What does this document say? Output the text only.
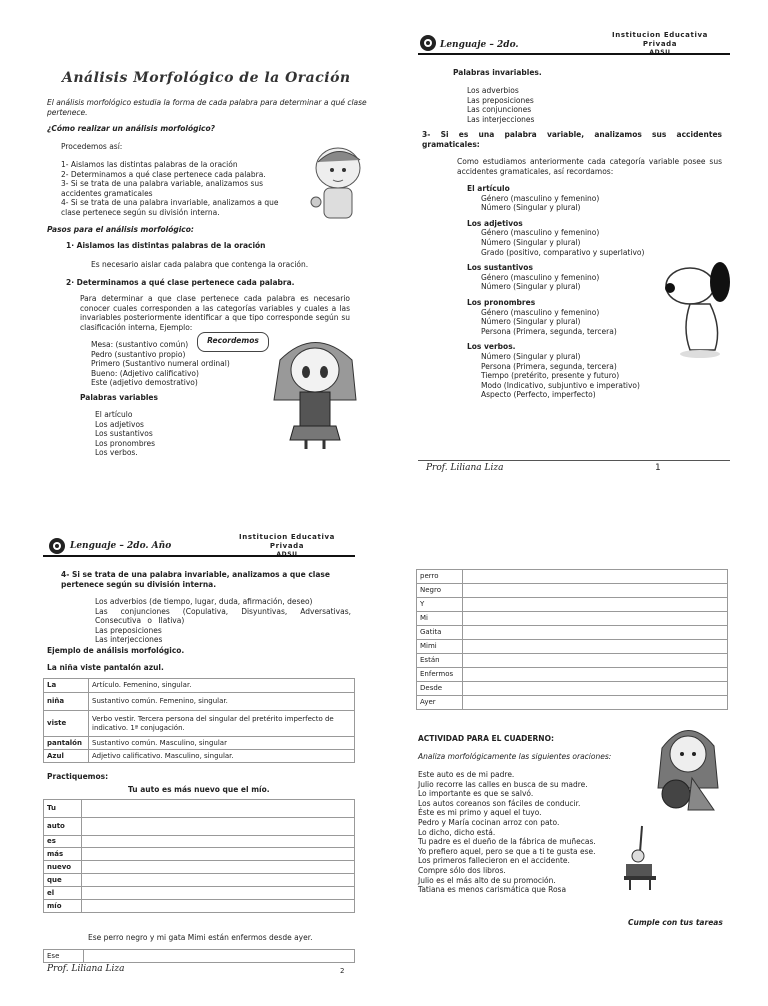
Análisis Morfológico de la Oración
El análisis morfológico estudia la forma de cada palabra para determinar a qué clase pertenece.
¿Cómo realizar un análisis morfológico?
Procedemos así:
1- Aislamos las distintas palabras de la oración
2- Determinamos a qué clase pertenece cada palabra.
3- Si se trata de una palabra variable, analizamos sus accidentes gramaticales
4- Si se trata de una palabra invariable, analizamos a que clase pertenece según su división interna.
Pasos para el análisis morfológico:
1· Aislamos las distintas palabras de la oración
Es necesario aislar cada palabra que contenga la oración.
2· Determinamos a qué clase pertenece cada palabra.
Para determinar a que clase pertenece cada palabra es necesario conocer cuales corresponden a las categorías variables y cuales a las invariables posteriormente identificar a que tipo corresponde según su clasificación interna, Ejemplo:
Mesa: (sustantivo común)
Pedro (sustantivo propio)
Primero (Sustantivo numeral ordinal)
Bueno: (Adjetivo calificativo)
Este (adjetivo demostrativo)
Recordemos
Palabras variables
El artículo
Los adjetivos
Los sustantivos
Los pronombres
Los verbos.
Lenguaje – 2do.
Institucion Educativa
Privada
ADSU
Palabras invariables.
Los adverbios
Las preposiciones
Las conjunciones
Las interjecciones
3- Si es una palabra variable, analizamos sus accidentes gramaticales:
Como estudiamos anteriormente cada categoría variable posee sus accidentes gramaticales, así recordamos:
El artículo
Género (masculino y femenino)
Número (Singular y plural)
Los adjetivos
Género (masculino y femenino)
Número (Singular y plural)
Grado (positivo, comparativo y superlativo)
Los sustantivos
Género (masculino y femenino)
Número (Singular y plural)
Los pronombres
Género (masculino y femenino)
Número (Singular y plural)
Persona (Primera, segunda, tercera)
Los verbos.
Número (Singular y plural)
Persona (Primera, segunda, tercera)
Tiempo (pretérito, presente y futuro)
Modo (Indicativo, subjuntivo e imperativo)
Aspecto (Perfecto, imperfecto)
Prof. Liliana Liza	1
Lenguaje – 2do. Año
Institucion Educativa
Privada
ADSU
4- Si se trata de una palabra invariable, analizamos a que clase pertenece según su división interna.
Los adverbios (de tiempo, lugar, duda, afirmación, deseo)
Las conjunciones (Copulativa, Disyuntivas, Adversativas, Consecutiva o Ilativa)
Las preposiciones
Las interjecciones
Ejemplo de análisis morfológico.
La niña viste pantalón azul.
La	Artículo. Femenino, singular.
niña	Sustantivo común. Femenino, singular.
viste	Verbo vestir. Tercera persona del singular del pretérito imperfecto de indicativo. 1ª conjugación.
pantalón	Sustantivo común. Masculino, singular
Azul	Adjetivo calificativo. Masculino, singular.
Practiquemos:
Tu auto es más nuevo que el mío.
Tu	
auto	
es	
más	
nuevo	
que	
el	
mío	
Ese perro negro y mi gata Mimi están enfermos desde ayer.
Ese	
Prof. Liliana Liza	2
perro	
Negro	
Y	
Mi	
Gatita	
Mimi	
Están	
Enfermos	
Desde	
Ayer	
ACTIVIDAD PARA EL CUADERNO:
Analiza morfológicamente las siguientes oraciones:
Este auto es de mi padre.
Julio recorre las calles en busca de su madre.
Lo importante es que se salvó.
Los autos coreanos son fáciles de conducir.
Éste es mi primo y aquel el tuyo.
Pedro y María cocinan arroz con pato.
Lo dicho, dicho está.
Tu padre es el dueño de la fábrica de muñecas.
Yo prefiero aquel, pero se que a ti te gusta ese.
Los primeros fallecieron en el accidente.
Compre sólo dos libros.
Julio es el más alto de su promoción.
Tatiana es menos carismática que Rosa
Cumple con tus tareas
